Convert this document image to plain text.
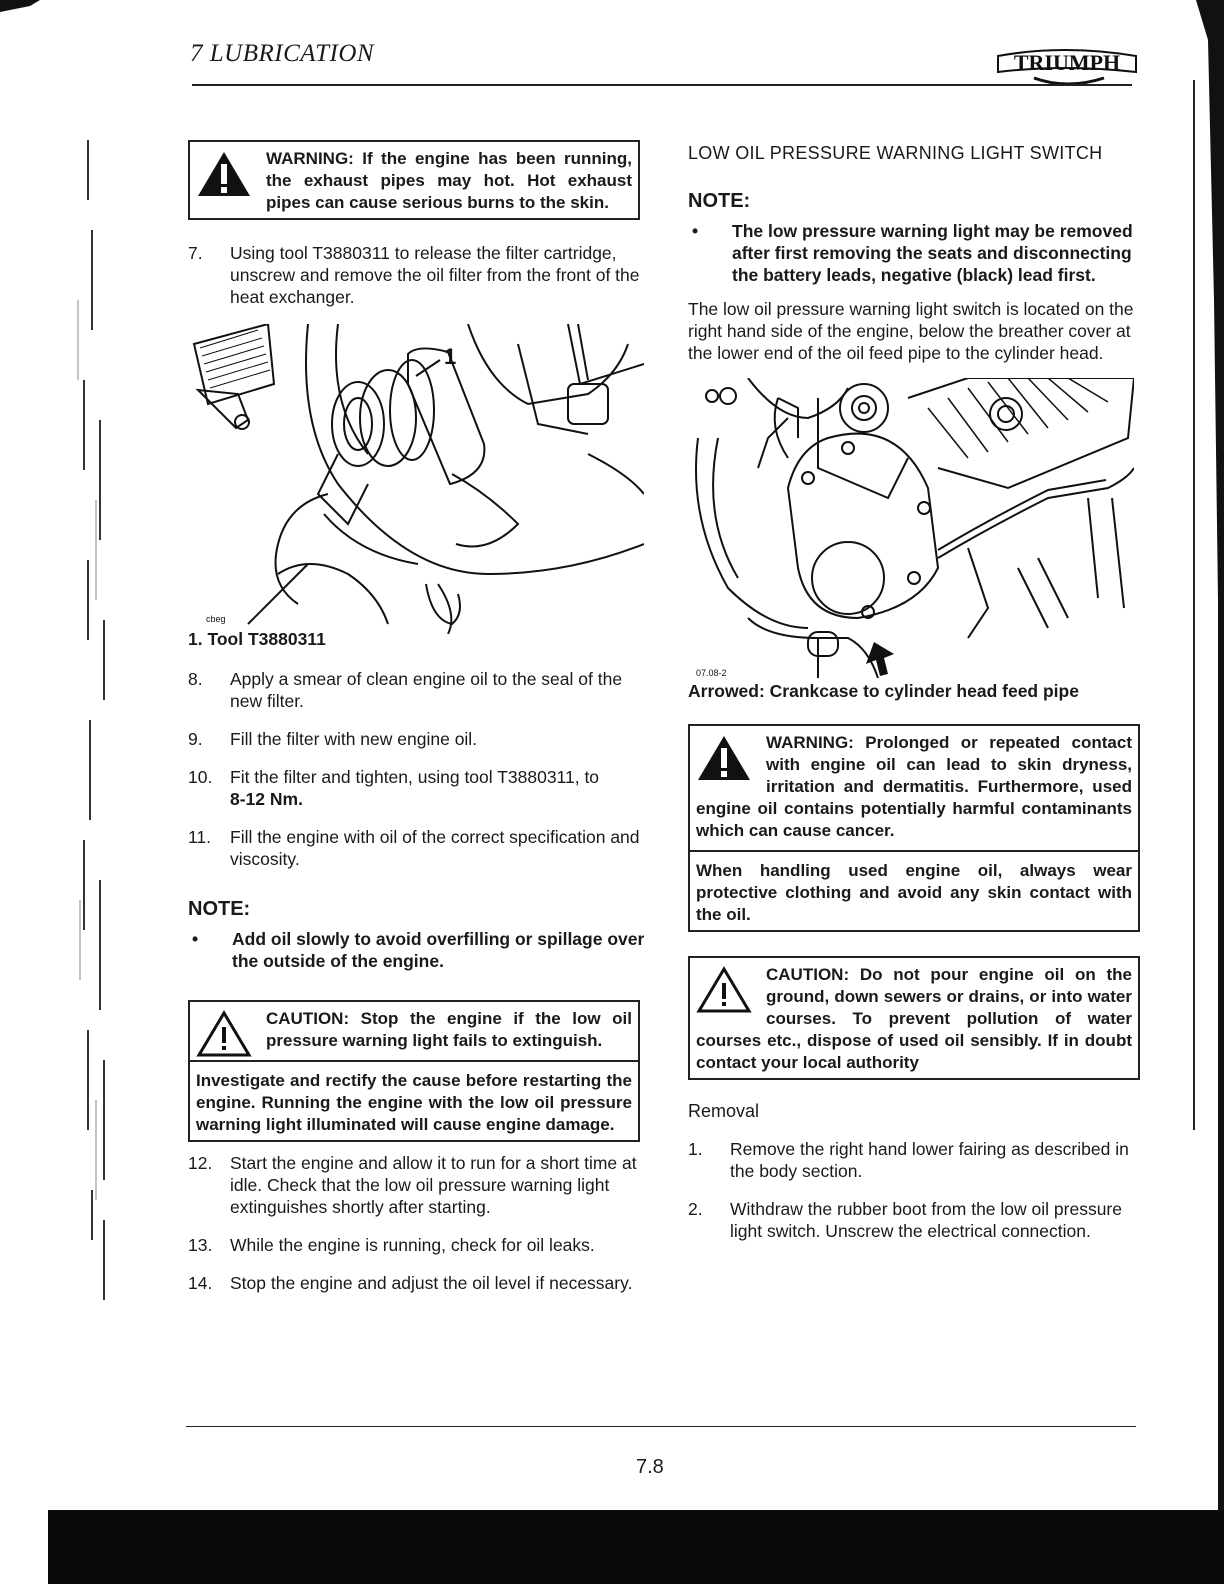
7 LUBRICATION	TRIUMPH

WARNING: If the engine has been running, the exhaust pipes may hot. Hot exhaust pipes can cause serious burns to the skin.

7.	Using tool T3880311 to release the filter cartridge, unscrew and remove the oil filter from the front of the heat exchanger.
1
cbeg
1. Tool T3880311
8.	Apply a smear of clean engine oil to the seal of the new filter.
9.	Fill the filter with new engine oil.
10.	Fit the filter and tighten, using tool T3880311, to
8-12 Nm.
11.	Fill the engine with oil of the correct specification and viscosity.
NOTE:
•	Add oil slowly to avoid overfilling or spillage over the outside of the engine.

CAUTION: Stop the engine if the low oil pressure warning light fails to extinguish.

Investigate and rectify the cause before restarting the engine. Running the engine with the low oil pressure warning light illuminated will cause engine damage.

12.	Start the engine and allow it to run for a short time at idle. Check that the low oil pressure warning light extinguishes shortly after starting.
13.	While the engine is running, check for oil leaks.
14.	Stop the engine and adjust the oil level if necessary.
LOW OIL PRESSURE WARNING LIGHT SWITCH
NOTE:
•	The low pressure warning light may be removed after first removing the seats and disconnecting the battery leads, negative (black) lead first.

The low oil pressure warning light switch is located on the right hand side of the engine, below the breather cover at the lower end of the oil feed pipe to the cylinder head.

07.08-2
Arrowed: Crankcase to cylinder head feed pipe

WARNING: Prolonged or repeated contact with engine oil can lead to skin dryness, irritation and dermatitis. Furthermore, used engine oil contains potentially harmful contaminants which can cause cancer.

When handling used engine oil, always wear protective clothing and avoid any skin contact with the oil.

CAUTION: Do not pour engine oil on the ground, down sewers or drains, or into water courses. To prevent pollution of water courses etc., dispose of used oil sensibly. If in doubt contact your local authority

Removal
1.	Remove the right hand lower fairing as described in the body section.
2.	Withdraw the rubber boot from the low oil pressure light switch. Unscrew the electrical connection.
7.8
